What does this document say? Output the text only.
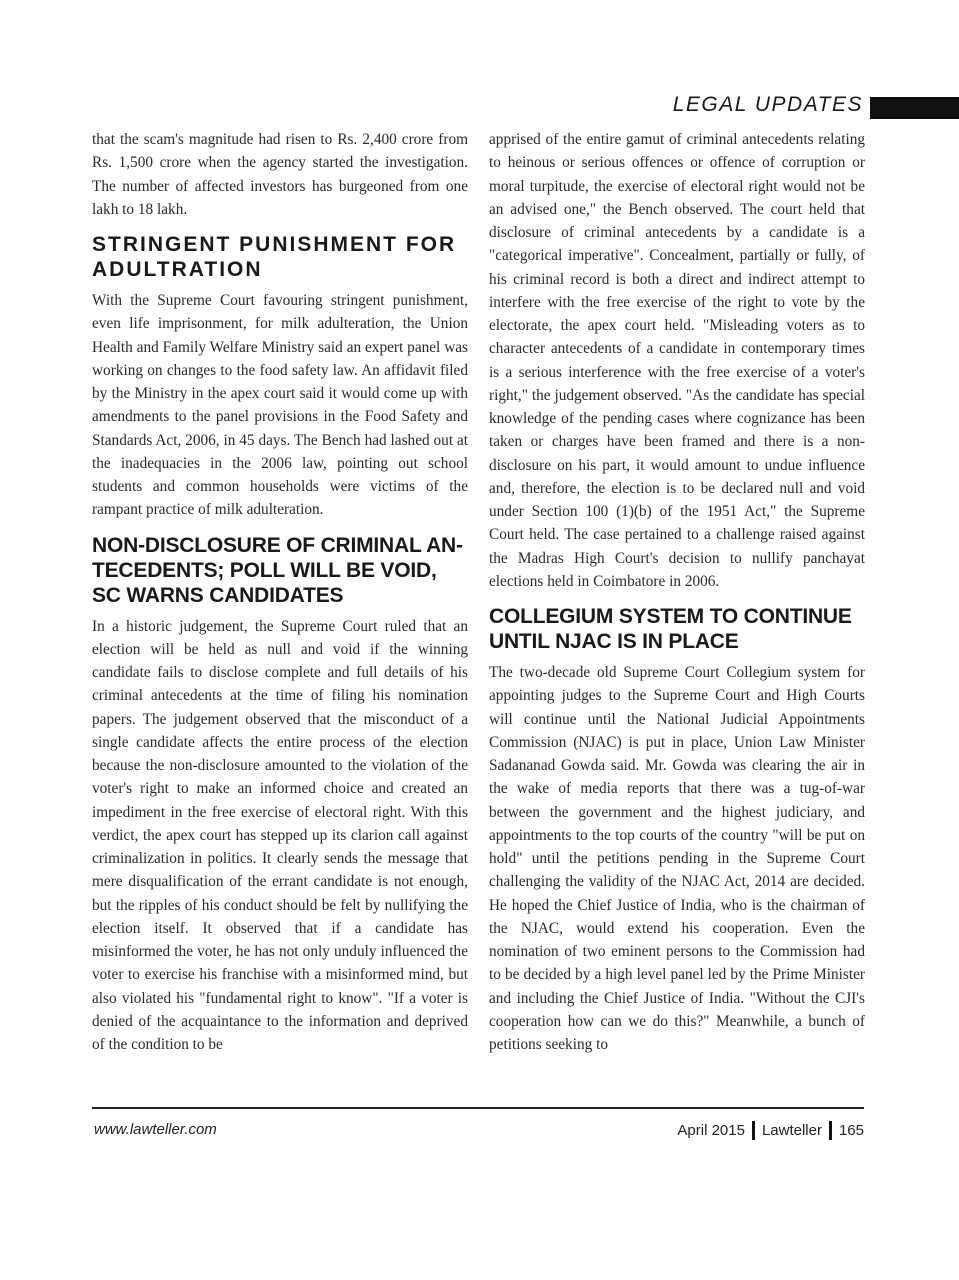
LEGAL UPDATES

that the scam's magnitude had risen to Rs. 2,400 crore from Rs. 1,500 crore when the agency started the investigation. The number of affected investors has burgeoned from one lakh to 18 lakh.

STRINGENT PUNISHMENT FOR ADULTRATION

With the Supreme Court favouring stringent punishment, even life imprisonment, for milk adulteration, the Union Health and Family Welfare Ministry said an expert panel was working on changes to the food safety law. An affidavit filed by the Ministry in the apex court said it would come up with amendments to the panel provisions in the Food Safety and Standards Act, 2006, in 45 days. The Bench had lashed out at the inadequacies in the 2006 law, pointing out school students and common households were victims of the rampant practice of milk adulteration.

NON-DISCLOSURE OF CRIMINAL AN-TECEDENTS; POLL WILL BE VOID, SC WARNS CANDIDATES

In a historic judgement, the Supreme Court ruled that an election will be held as null and void if the winning candidate fails to disclose complete and full details of his criminal antecedents at the time of filing his nomination papers. The judgement observed that the misconduct of a single candidate affects the entire process of the election because the non-disclosure amounted to the violation of the voter's right to make an informed choice and created an impediment in the free exercise of electoral right. With this verdict, the apex court has stepped up its clarion call against criminalization in politics. It clearly sends the message that mere disqualification of the errant candidate is not enough, but the ripples of his conduct should be felt by nullifying the election itself. It observed that if a candidate has misinformed the voter, he has not only unduly influenced the voter to exercise his franchise with a misinformed mind, but also violated his "fundamental right to know". "If a voter is denied of the acquaintance to the information and deprived of the condition to be

apprised of the entire gamut of criminal antecedents relating to heinous or serious offences or offence of corruption or moral turpitude, the exercise of electoral right would not be an advised one," the Bench observed. The court held that disclosure of criminal antecedents by a candidate is a "categorical imperative". Concealment, partially or fully, of his criminal record is both a direct and indirect attempt to interfere with the free exercise of the right to vote by the electorate, the apex court held. "Misleading voters as to character antecedents of a candidate in contemporary times is a serious interference with the free exercise of a voter's right," the judgement observed. "As the candidate has special knowledge of the pending cases where cognizance has been taken or charges have been framed and there is a non-disclosure on his part, it would amount to undue influence and, therefore, the election is to be declared null and void under Section 100 (1)(b) of the 1951 Act," the Supreme Court held. The case pertained to a challenge raised against the Madras High Court's decision to nullify panchayat elections held in Coimbatore in 2006.

COLLEGIUM SYSTEM TO CONTINUE UNTIL NJAC IS IN PLACE

The two-decade old Supreme Court Collegium system for appointing judges to the Supreme Court and High Courts will continue until the National Judicial Appointments Commission (NJAC) is put in place, Union Law Minister Sadananad Gowda said. Mr. Gowda was clearing the air in the wake of media reports that there was a tug-of-war between the government and the highest judiciary, and appointments to the top courts of the country "will be put on hold" until the petitions pending in the Supreme Court challenging the validity of the NJAC Act, 2014 are decided. He hoped the Chief Justice of India, who is the chairman of the NJAC, would extend his cooperation. Even the nomination of two eminent persons to the Commission had to be decided by a high level panel led by the Prime Minister and including the Chief Justice of India. "Without the CJI's cooperation how can we do this?" Meanwhile, a bunch of petitions seeking to

www.lawteller.com	April 2015 Lawteller 165
